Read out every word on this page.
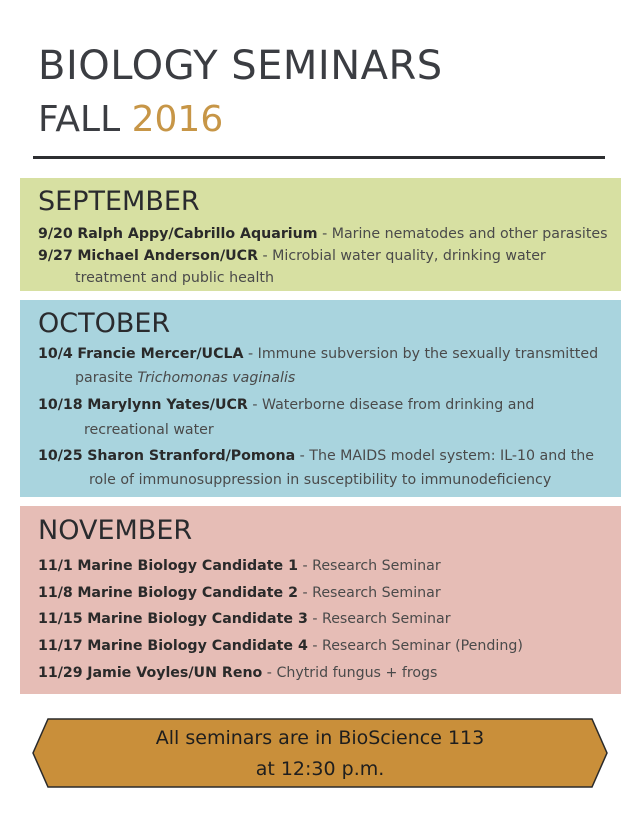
BIOLOGY SEMINARS
FALL 2016
SEPTEMBER
9/20 Ralph Appy/Cabrillo Aquarium - Marine nematodes and other parasites
9/27 Michael Anderson/UCR - Microbial water quality, drinking water
treatment and public health
OCTOBER
10/4 Francie Mercer/UCLA - Immune subversion by the sexually transmitted
parasite Trichomonas vaginalis
10/18 Marylynn Yates/UCR - Waterborne disease from drinking and
recreational water
10/25 Sharon Stranford/Pomona - The MAIDS model system: IL-10 and the
role of immunosuppression in susceptibility to immunodeficiency
NOVEMBER
11/1 Marine Biology Candidate 1 - Research Seminar
11/8 Marine Biology Candidate 2 - Research Seminar
11/15 Marine Biology Candidate 3 - Research Seminar
11/17 Marine Biology Candidate 4 - Research Seminar (Pending)
11/29 Jamie Voyles/UN Reno - Chytrid fungus + frogs
All seminars are in BioScience 113
at 12:30 p.m.
